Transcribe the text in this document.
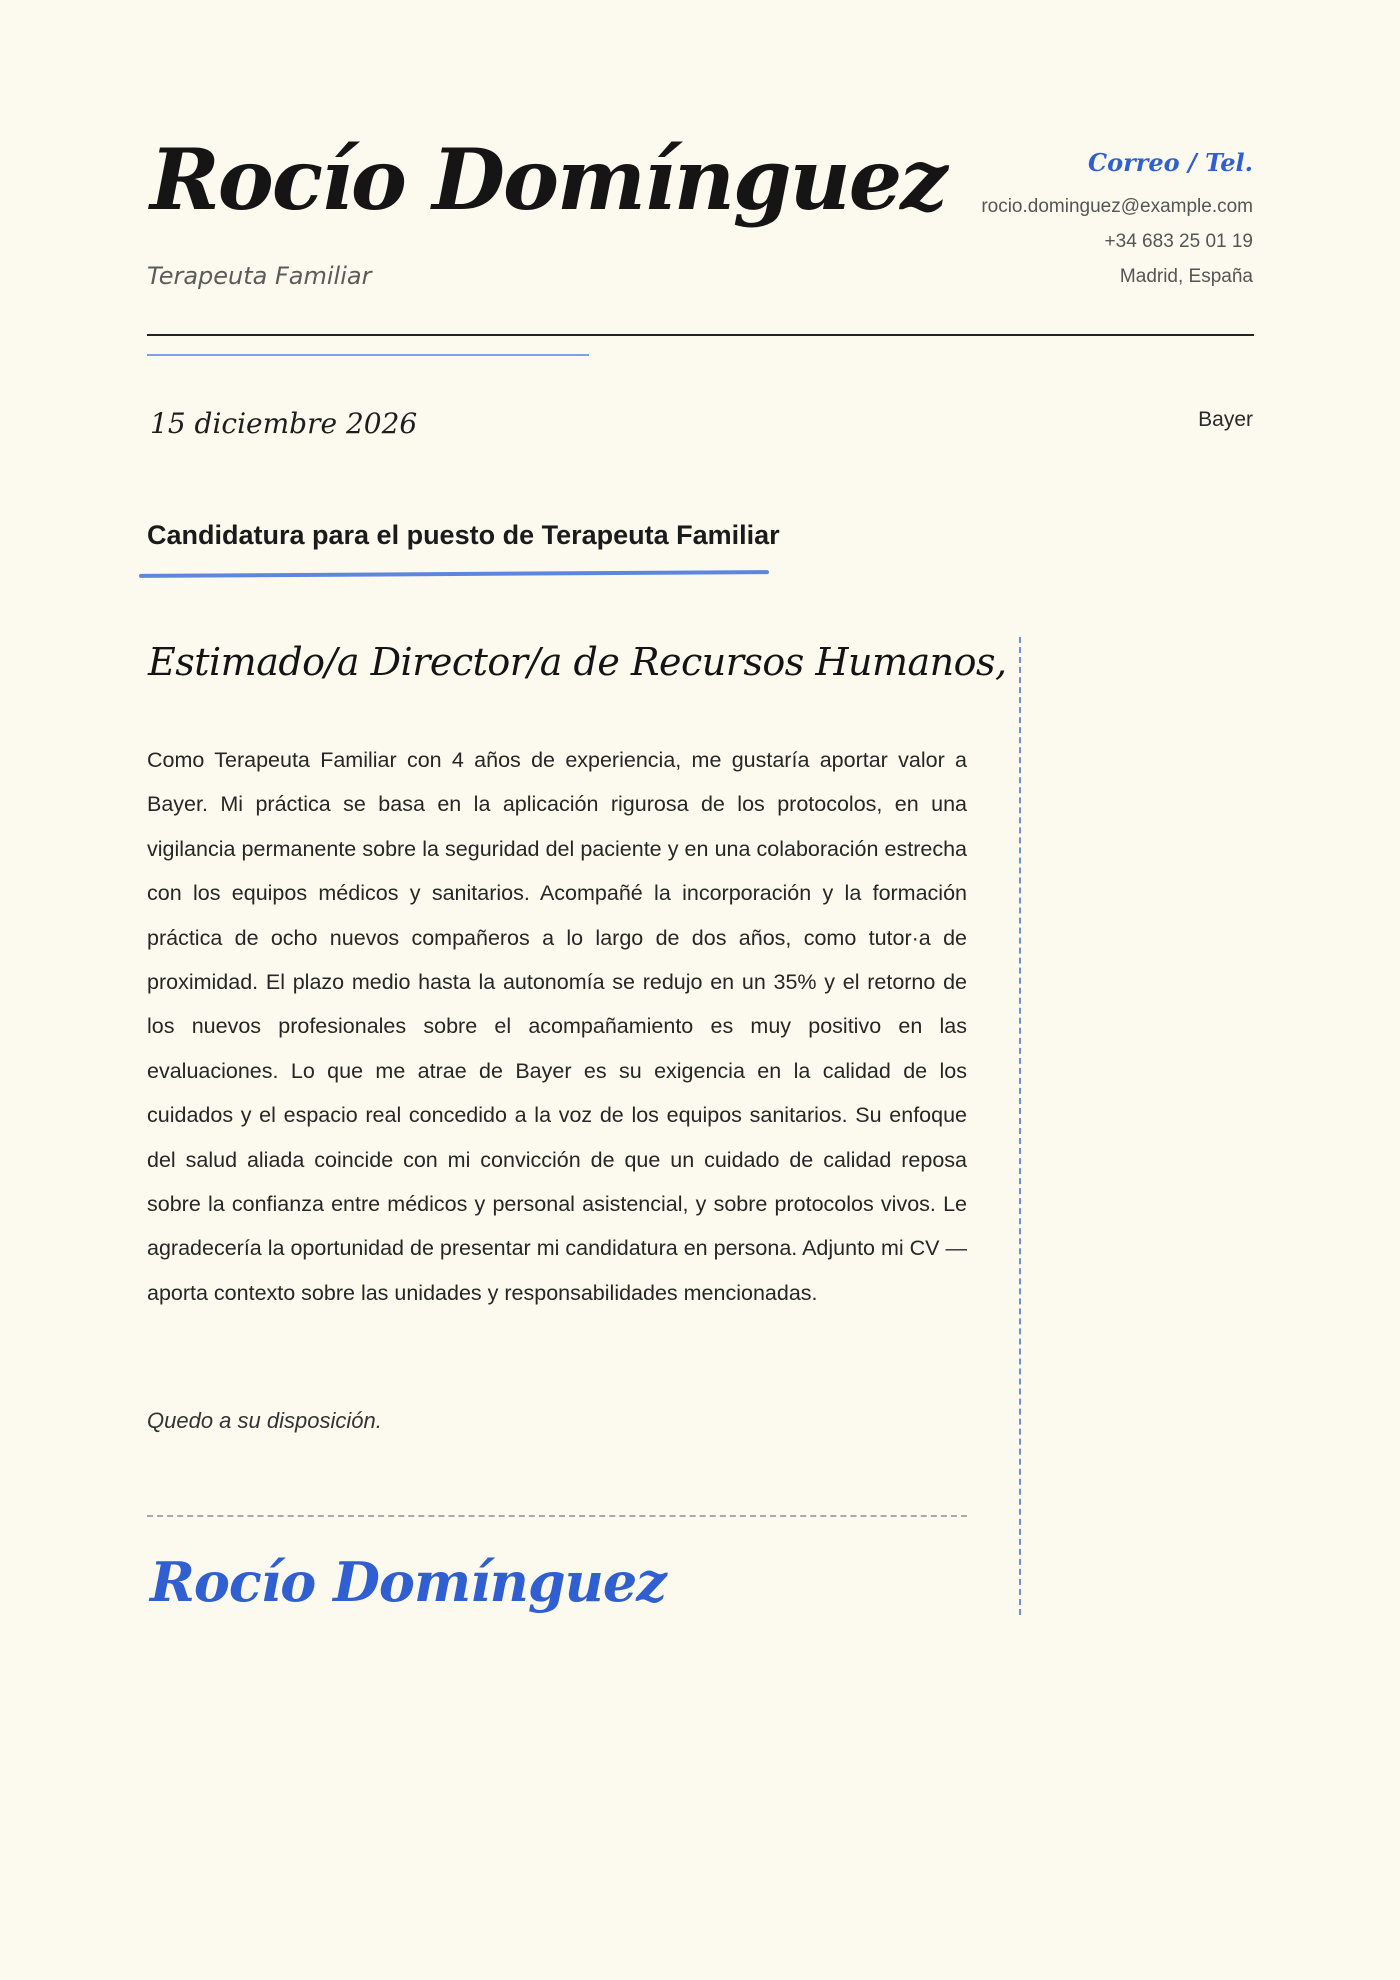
Rocío Domínguez
Terapeuta Familiar
Correo / Tel.
rocio.dominguez@example.com
+34 683 25 01 19
Madrid, España
15 diciembre 2026	Bayer
Candidatura para el puesto de Terapeuta Familiar
Estimado/a Director/a de Recursos Humanos,

Como Terapeuta Familiar con 4 años de experiencia, me gustaría aportar valor a Bayer. Mi práctica se basa en la aplicación rigurosa de los protocolos, en una vigilancia permanente sobre la seguridad del paciente y en una colaboración estrecha con los equipos médicos y sanitarios. Acompañé la incorporación y la formación práctica de ocho nuevos compañeros a lo largo de dos años, como tutor·a de proximidad. El plazo medio hasta la autonomía se redujo en un 35% y el retorno de los nuevos profesionales sobre el acompañamiento es muy positivo en las evaluaciones. Lo que me atrae de Bayer es su exigencia en la calidad de los cuidados y el espacio real concedido a la voz de los equipos sanitarios. Su enfoque del salud aliada coincide con mi convicción de que un cuidado de calidad reposa sobre la confianza entre médicos y personal asistencial, y sobre protocolos vivos. Le agradecería la oportunidad de presentar mi candidatura en persona. Adjunto mi CV — aporta contexto sobre las unidades y responsabilidades mencionadas.

Quedo a su disposición.
Rocío Domínguez
